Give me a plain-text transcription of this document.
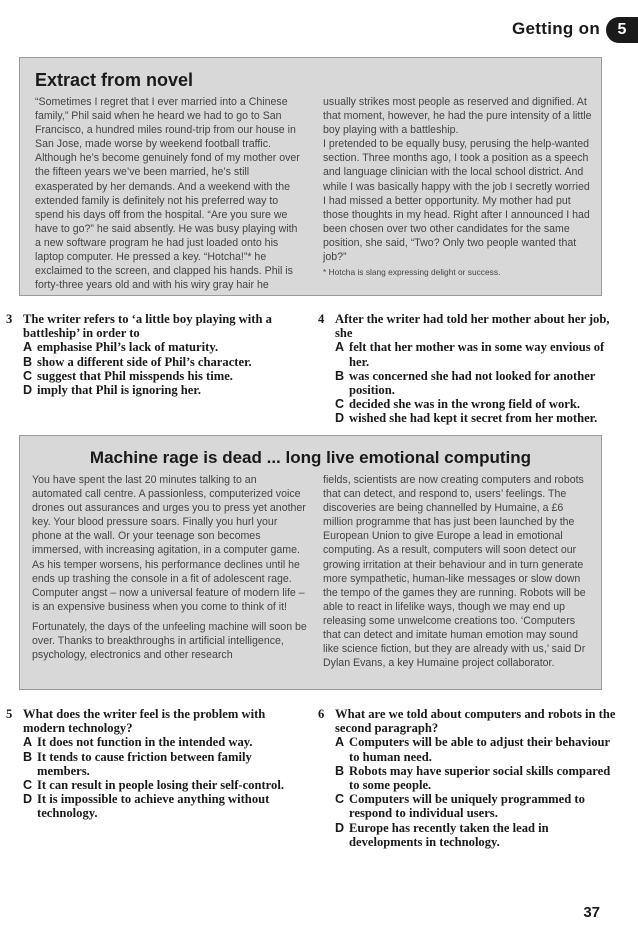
Getting on	5
Extract from novel

“Sometimes I regret that I ever married into a Chinese family,” Phil said when he heard we had to go to San Francisco, a hundred miles round-trip from our house in San Jose, made worse by weekend football traffic. Although he’s become genuinely fond of my mother over the fifteen years we’ve been married, he’s still exasperated by her demands. And a weekend with the extended family is definitely not his preferred way to spend his days off from the hospital. “Are you sure we have to go?” he said absently. He was busy playing with a new software program he had just loaded onto his laptop computer. He pressed a key. “Hotcha!”* he exclaimed to the screen, and clapped his hands. Phil is forty-three years old and with his wiry gray hair he

usually strikes most people as reserved and dignified. At that moment, however, he had the pure intensity of a little boy playing with a battleship.

I pretended to be equally busy, perusing the help-wanted section. Three months ago, I took a position as a speech and language clinician with the local school district. And while I was basically happy with the job I secretly worried I had missed a better opportunity. My mother had put those thoughts in my head. Right after I announced I had been chosen over two other candidates for the same position, she said, “Two? Only two people wanted that job?”

* Hotcha is slang expressing delight or success.
3 The writer refers to ‘a little boy playing with a battleship’ in order to
A emphasise Phil’s lack of maturity.
B show a different side of Phil’s character.
C suggest that Phil misspends his time.
D imply that Phil is ignoring her.
4 After the writer had told her mother about her job, she
A felt that her mother was in some way envious of her.
B was concerned she had not looked for another position.
C decided she was in the wrong field of work.
D wished she had kept it secret from her mother.
Machine rage is dead ... long live emotional computing

You have spent the last 20 minutes talking to an automated call centre. A passionless, computerized voice drones out assurances and urges you to press yet another key. Your blood pressure soars. Finally you hurl your phone at the wall. Or your teenage son becomes immersed, with increasing agitation, in a computer game. As his temper worsens, his performance declines until he ends up trashing the console in a fit of adolescent rage. Computer angst – now a universal feature of modern life – is an expensive business when you come to think of it!

Fortunately, the days of the unfeeling machine will soon be over. Thanks to breakthroughs in artificial intelligence, psychology, electronics and other research

fields, scientists are now creating computers and robots that can detect, and respond to, users’ feelings. The discoveries are being channelled by Humaine, a £6 million programme that has just been launched by the European Union to give Europe a lead in emotional computing. As a result, computers will soon detect our growing irritation at their behaviour and in turn generate more sympathetic, human-like messages or slow down the tempo of the games they are running. Robots will be able to react in lifelike ways, though we may end up releasing some unwelcome creations too. ‘Computers that can detect and imitate human emotion may sound like science fiction, but they are already with us,’ said Dr Dylan Evans, a key Humaine project collaborator.

5 What does the writer feel is the problem with modern technology?
A It does not function in the intended way.
B It tends to cause friction between family members.
C It can result in people losing their self-control.
D It is impossible to achieve anything without technology.
6 What are we told about computers and robots in the second paragraph?
A Computers will be able to adjust their behaviour to human need.
B Robots may have superior social skills compared to some people.
C Computers will be uniquely programmed to respond to individual users.
D Europe has recently taken the lead in developments in technology.
37
